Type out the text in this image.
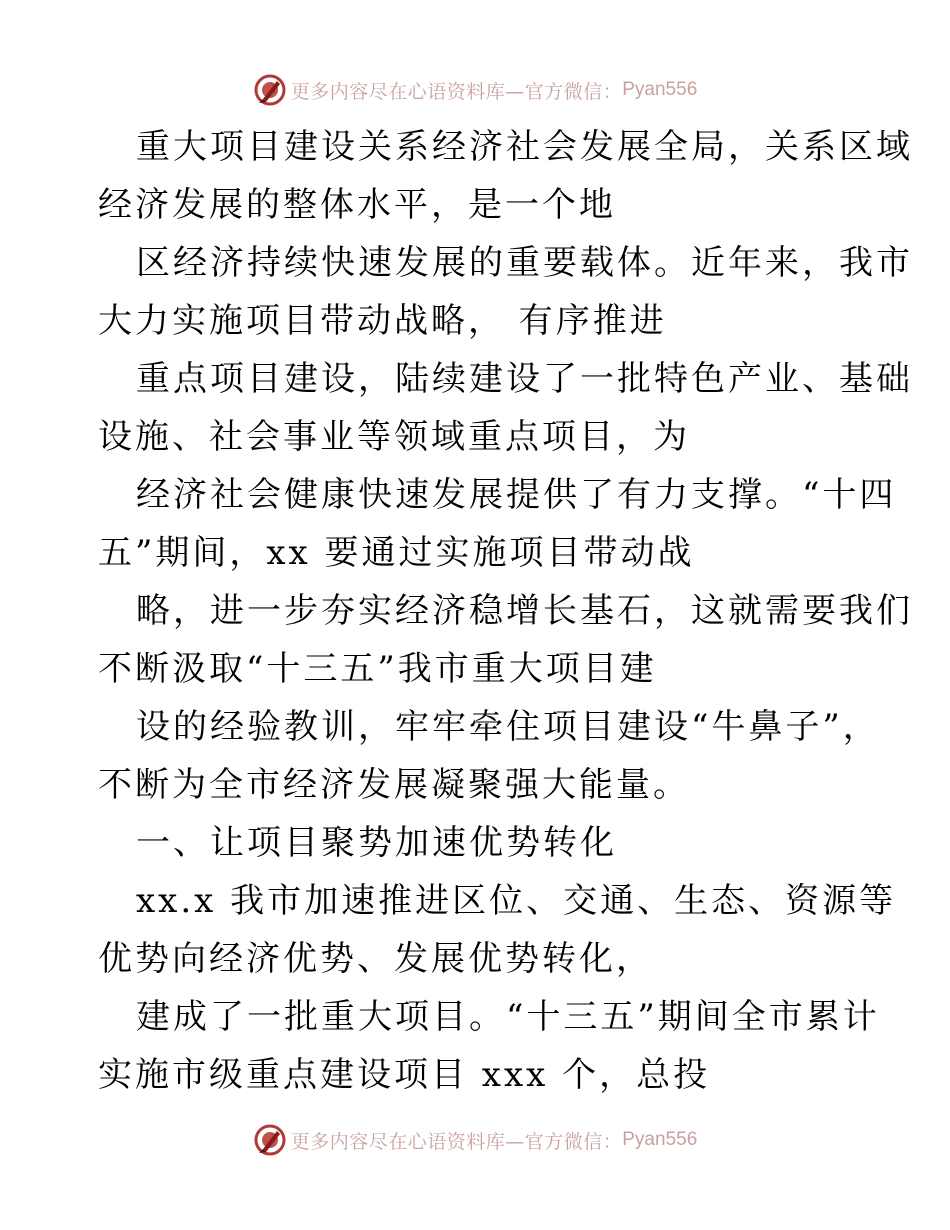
更多内容尽在心语资料库—官方微信： Pyan556
重大项目建设关系经济社会发展全局，关系区域
经济发展的整体水平，是一个地
区经济持续快速发展的重要载体。近年来，我市
大力实施项目带动战略， 有序推进
重点项目建设，陆续建设了一批特色产业、基础
设施、社会事业等领域重点项目，为
经济社会健康快速发展提供了有力支撑。“十四
五”期间，xx 要通过实施项目带动战
略，进一步夯实经济稳增长基石，这就需要我们
不断汲取“十三五”我市重大项目建
设的经验教训，牢牢牵住项目建设“牛鼻子”，
不断为全市经济发展凝聚强大能量。
一、让项目聚势加速优势转化
xx.x 我市加速推进区位、交通、生态、资源等
优势向经济优势、发展优势转化，
建成了一批重大项目。“十三五”期间全市累计
实施市级重点建设项目 xxx 个，总投
更多内容尽在心语资料库—官方微信： Pyan556
